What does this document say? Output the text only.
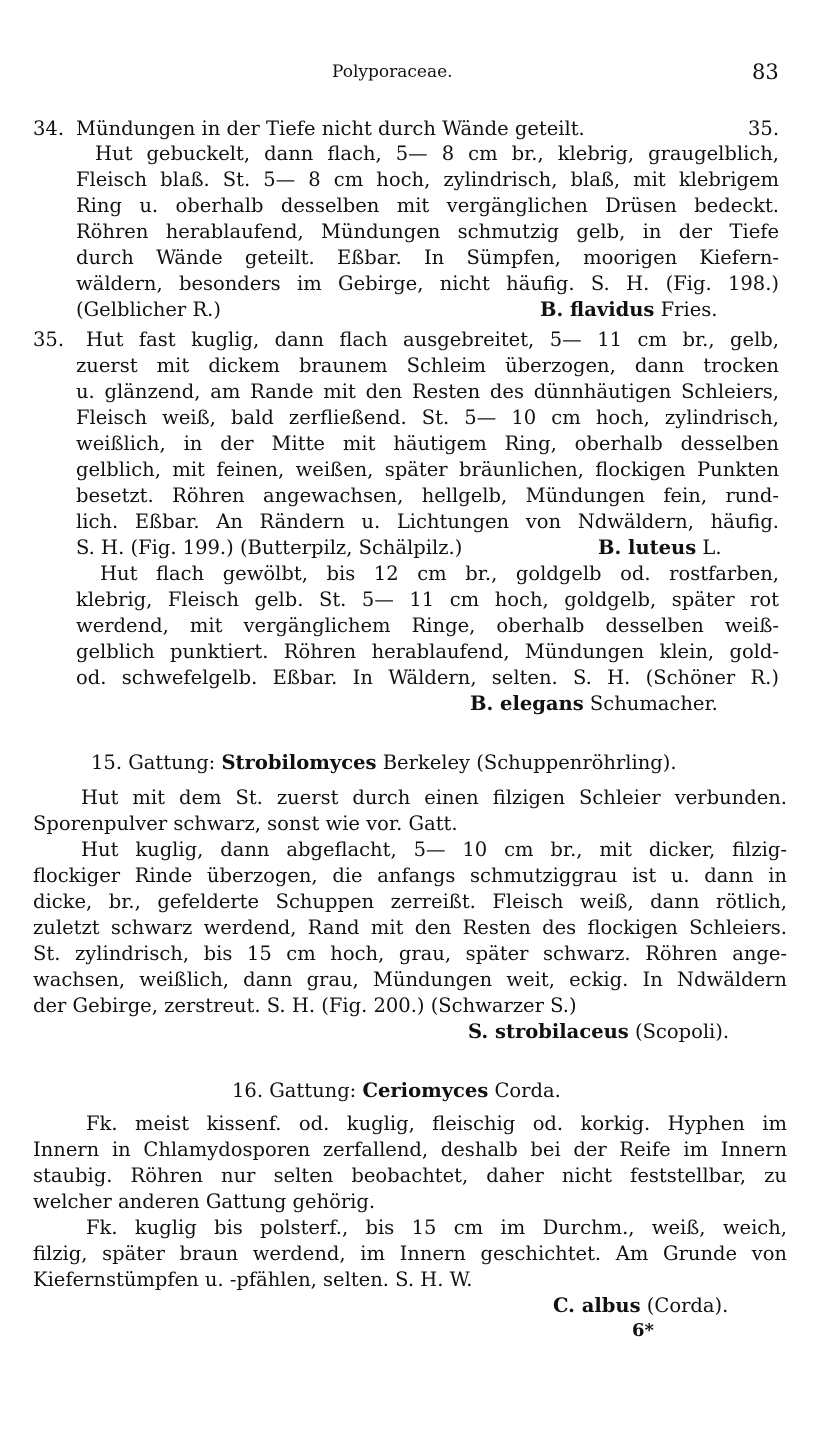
Polyporaceae.	83
34. Mündungen in der Tiefe nicht durch Wände geteilt.	35.
Hut gebuckelt, dann flach, 5— 8 cm br., klebrig, graugelblich,
Fleisch blaß. St. 5— 8 cm hoch, zylindrisch, blaß, mit klebrigem
Ring u. oberhalb desselben mit vergänglichen Drüsen bedeckt.
Röhren herablaufend, Mündungen schmutzig gelb, in der Tiefe
durch Wände geteilt. Eßbar. In Sümpfen, moorigen Kiefern-
wäldern, besonders im Gebirge, nicht häufig. S. H. (Fig. 198.)
(Gelblicher R.)	B. flavidus Fries.
35. Hut fast kuglig, dann flach ausgebreitet, 5— 11 cm br., gelb,
zuerst mit dickem braunem Schleim überzogen, dann trocken
u. glänzend, am Rande mit den Resten des dünnhäutigen Schleiers,
Fleisch weiß, bald zerfließend. St. 5— 10 cm hoch, zylindrisch,
weißlich, in der Mitte mit häutigem Ring, oberhalb desselben
gelblich, mit feinen, weißen, später bräunlichen, flockigen Punkten
besetzt. Röhren angewachsen, hellgelb, Mündungen fein, rund-
lich. Eßbar. An Rändern u. Lichtungen von Ndwäldern, häufig.
S. H. (Fig. 199.) (Butterpilz, Schälpilz.)	B. luteus L.
Hut flach gewölbt, bis 12 cm br., goldgelb od. rostfarben,
klebrig, Fleisch gelb. St. 5— 11 cm hoch, goldgelb, später rot
werdend, mit vergänglichem Ringe, oberhalb desselben weiß-
gelblich punktiert. Röhren herablaufend, Mündungen klein, gold-
od. schwefelgelb. Eßbar. In Wäldern, selten. S. H. (Schöner R.)
B. elegans Schumacher.
15. Gattung: Strobilomyces Berkeley (Schuppenröhrling).
Hut mit dem St. zuerst durch einen filzigen Schleier verbunden.
Sporenpulver schwarz, sonst wie vor. Gatt.
Hut kuglig, dann abgeflacht, 5— 10 cm br., mit dicker, filzig-
flockiger Rinde überzogen, die anfangs schmutziggrau ist u. dann in
dicke, br., gefelderte Schuppen zerreißt. Fleisch weiß, dann rötlich,
zuletzt schwarz werdend, Rand mit den Resten des flockigen Schleiers.
St. zylindrisch, bis 15 cm hoch, grau, später schwarz. Röhren ange-
wachsen, weißlich, dann grau, Mündungen weit, eckig. In Ndwäldern
der Gebirge, zerstreut. S. H. (Fig. 200.) (Schwarzer S.)
S. strobilaceus (Scopoli).
16. Gattung: Ceriomyces Corda.
Fk. meist kissenf. od. kuglig, fleischig od. korkig. Hyphen im
Innern in Chlamydosporen zerfallend, deshalb bei der Reife im Innern
staubig. Röhren nur selten beobachtet, daher nicht feststellbar, zu
welcher anderen Gattung gehörig.
Fk. kuglig bis polsterf., bis 15 cm im Durchm., weiß, weich,
filzig, später braun werdend, im Innern geschichtet. Am Grunde von
Kiefernstümpfen u. -pfählen, selten. S. H. W.
C. albus (Corda).
6*
